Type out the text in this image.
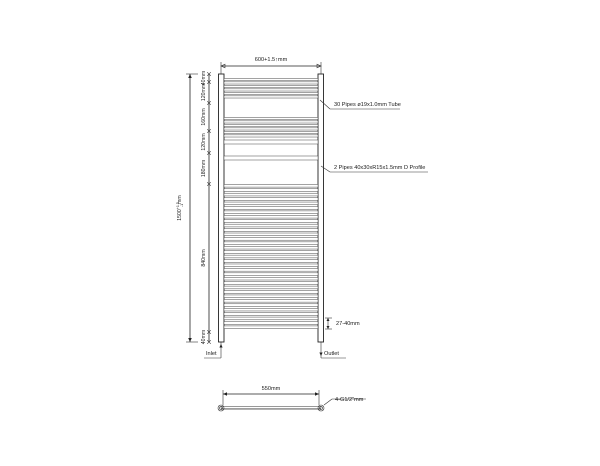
600+1.5↑mm
$1500^{+1.5}-1mm$
40mm
120mm
160mm
120mm
180mm
840mm
40mm
30 Pipes ø19x1.0mm Tube
2 Pipes 40x30xR15x1.5mm D Profile
27-40mm
Inlet	Outlet
550mm
4-G1/2"mm
